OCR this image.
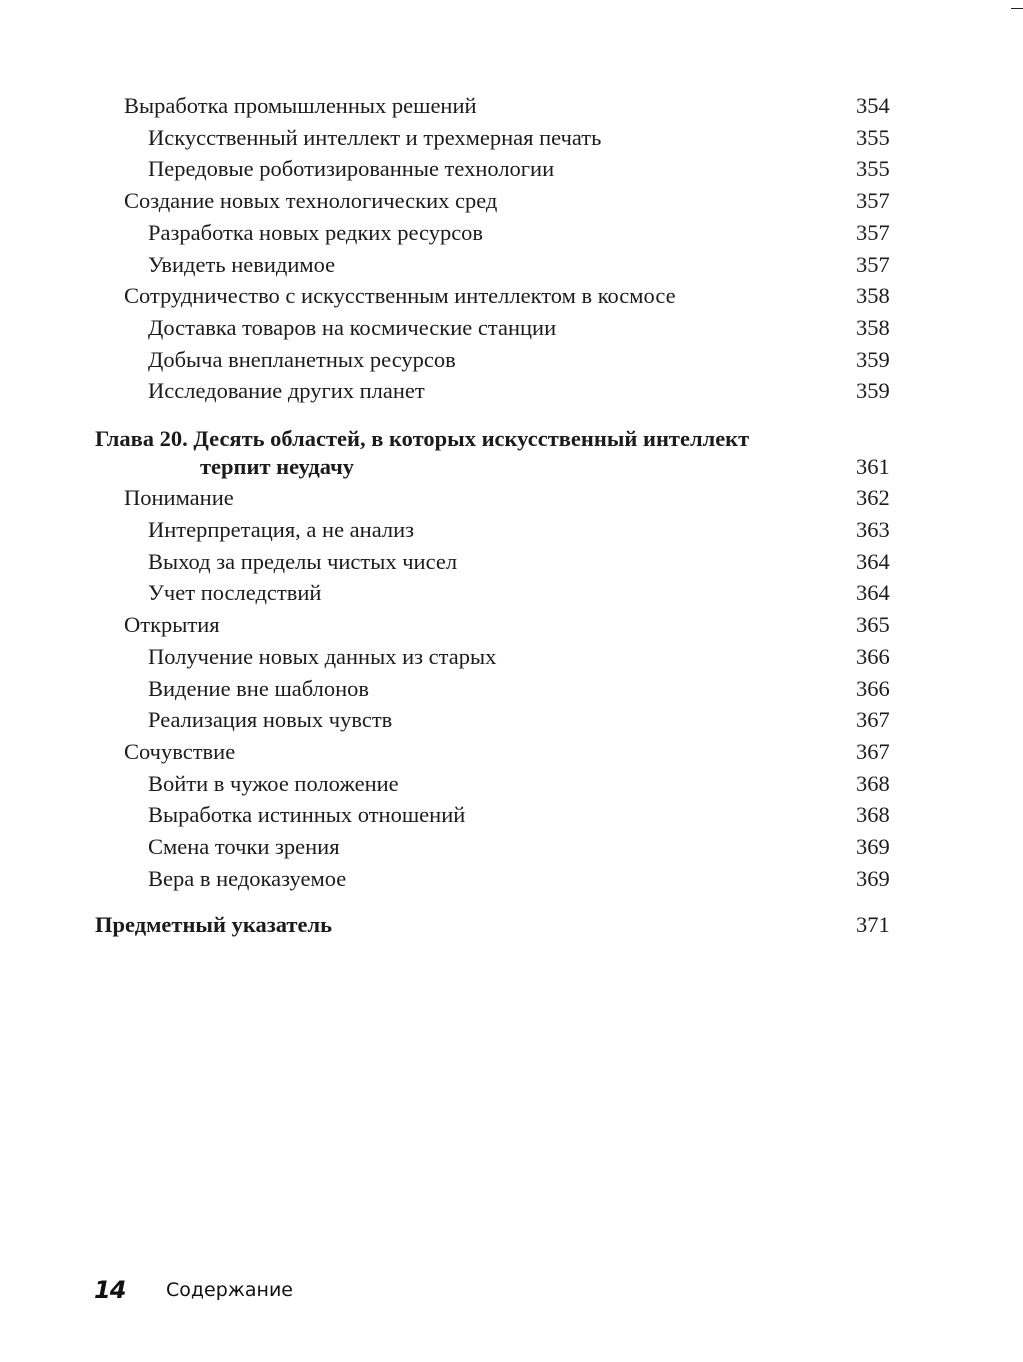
Выработка промышленных решений	354
Искусственный интеллект и трехмерная печать	355
Передовые роботизированные технологии	355
Создание новых технологических сред	357
Разработка новых редких ресурсов	357
Увидеть невидимое	357
Сотрудничество с искусственным интеллектом в космосе	358
Доставка товаров на космические станции	358
Добыча внепланетных ресурсов	359
Исследование других планет	359
Глава 20. Десять областей, в которых искусственный интеллект
терпит неудачу	361
Понимание	362
Интерпретация, а не анализ	363
Выход за пределы чистых чисел	364
Учет последствий	364
Открытия	365
Получение новых данных из старых	366
Видение вне шаблонов	366
Реализация новых чувств	367
Сочувствие	367
Войти в чужое положение	368
Выработка истинных отношений	368
Смена точки зрения	369
Вера в недоказуемое	369
Предметный указатель	371
14 Содержание
